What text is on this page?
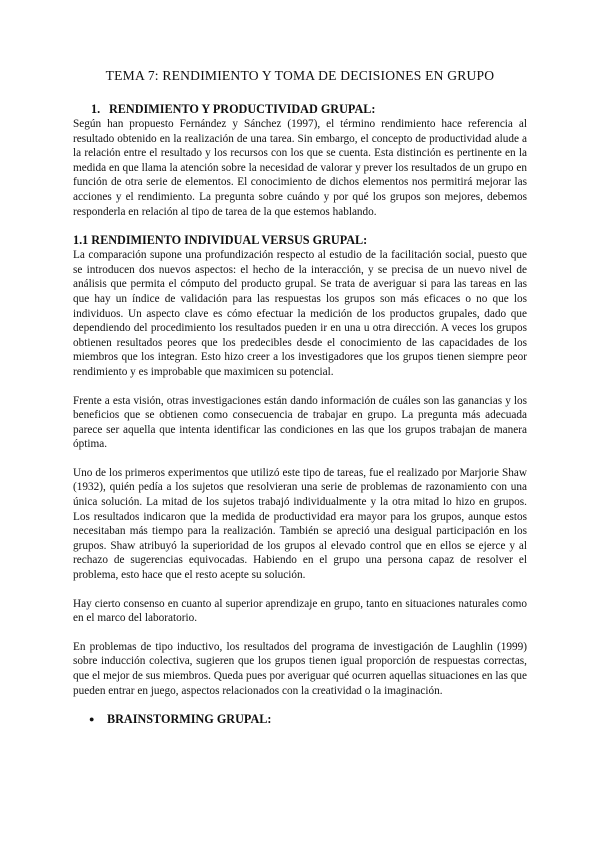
TEMA 7: RENDIMIENTO Y TOMA DE DECISIONES EN GRUPO
1. RENDIMIENTO Y PRODUCTIVIDAD GRUPAL:

Según han propuesto Fernández y Sánchez (1997), el término rendimiento hace referencia al resultado obtenido en la realización de una tarea. Sin embargo, el concepto de productividad alude a la relación entre el resultado y los recursos con los que se cuenta. Esta distinción es pertinente en la medida en que llama la atención sobre la necesidad de valorar y prever los resultados de un grupo en función de otra serie de elementos. El conocimiento de dichos elementos nos permitirá mejorar las acciones y el rendimiento. La pregunta sobre cuándo y por qué los grupos son mejores, debemos responderla en relación al tipo de tarea de la que estemos hablando.

1.1 RENDIMIENTO INDIVIDUAL VERSUS GRUPAL:

La comparación supone una profundización respecto al estudio de la facilitación social, puesto que se introducen dos nuevos aspectos: el hecho de la interacción, y se precisa de un nuevo nivel de análisis que permita el cómputo del producto grupal. Se trata de averiguar si para las tareas en las que hay un índice de validación para las respuestas los grupos son más eficaces o no que los individuos. Un aspecto clave es cómo efectuar la medición de los productos grupales, dado que dependiendo del procedimiento los resultados pueden ir en una u otra dirección. A veces los grupos obtienen resultados peores que los predecibles desde el conocimiento de las capacidades de los miembros que los integran. Esto hizo creer a los investigadores que los grupos tienen siempre peor rendimiento y es improbable que maximicen su potencial.

Frente a esta visión, otras investigaciones están dando información de cuáles son las ganancias y los beneficios que se obtienen como consecuencia de trabajar en grupo. La pregunta más adecuada parece ser aquella que intenta identificar las condiciones en las que los grupos trabajan de manera óptima.

Uno de los primeros experimentos que utilizó este tipo de tareas, fue el realizado por Marjorie Shaw (1932), quién pedía a los sujetos que resolvieran una serie de problemas de razonamiento con una única solución. La mitad de los sujetos trabajó individualmente y la otra mitad lo hizo en grupos. Los resultados indicaron que la medida de productividad era mayor para los grupos, aunque estos necesitaban más tiempo para la realización. También se apreció una desigual participación en los grupos. Shaw atribuyó la superioridad de los grupos al elevado control que en ellos se ejerce y al rechazo de sugerencias equivocadas. Habiendo en el grupo una persona capaz de resolver el problema, esto hace que el resto acepte su solución.

Hay cierto consenso en cuanto al superior aprendizaje en grupo, tanto en situaciones naturales como en el marco del laboratorio.

En problemas de tipo inductivo, los resultados del programa de investigación de Laughlin (1999) sobre inducción colectiva, sugieren que los grupos tienen igual proporción de respuestas correctas, que el mejor de sus miembros. Queda pues por averiguar qué ocurren aquellas situaciones en las que pueden entrar en juego, aspectos relacionados con la creatividad o la imaginación.

● BRAINSTORMING GRUPAL:
